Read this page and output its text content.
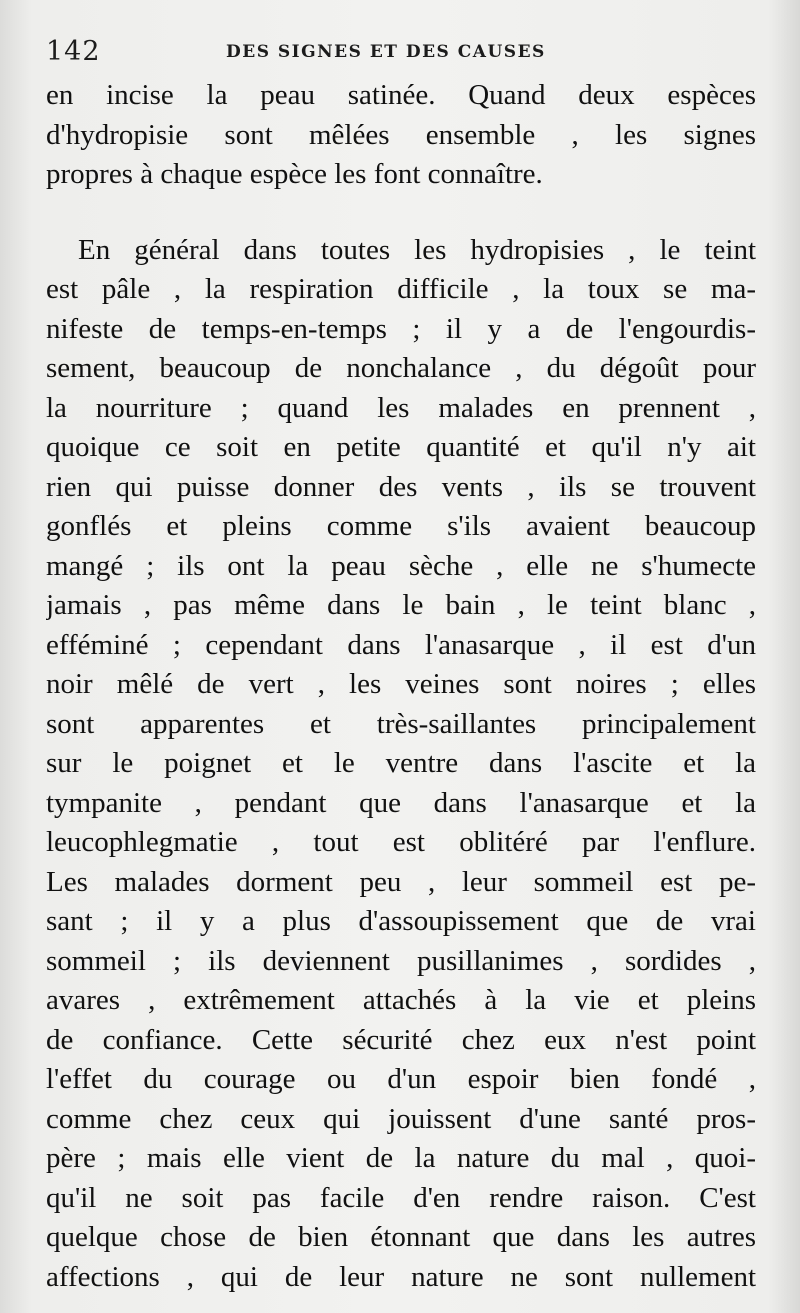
142	DES SIGNES ET DES CAUSES
en incise la peau satinée. Quand deux espèces
d'hydropisie sont mêlées ensemble , les signes
propres à chaque espèce les font connaître.
En général dans toutes les hydropisies , le teint
est pâle , la respiration difficile , la toux se ma-
nifeste de temps-en-temps ; il y a de l'engourdis-
sement, beaucoup de nonchalance , du dégoût pour
la nourriture ; quand les malades en prennent ,
quoique ce soit en petite quantité et qu'il n'y ait
rien qui puisse donner des vents , ils se trouvent
gonflés et pleins comme s'ils avaient beaucoup
mangé ; ils ont la peau sèche , elle ne s'humecte
jamais , pas même dans le bain , le teint blanc ,
efféminé ; cependant dans l'anasarque , il est d'un
noir mêlé de vert , les veines sont noires ; elles
sont apparentes et très-saillantes principalement
sur le poignet et le ventre dans l'ascite et la
tympanite , pendant que dans l'anasarque et la
leucophlegmatie , tout est oblitéré par l'enflure.
Les malades dorment peu , leur sommeil est pe-
sant ; il y a plus d'assoupissement que de vrai
sommeil ; ils deviennent pusillanimes , sordides ,
avares , extrêmement attachés à la vie et pleins
de confiance. Cette sécurité chez eux n'est point
l'effet du courage ou d'un espoir bien fondé ,
comme chez ceux qui jouissent d'une santé pros-
père ; mais elle vient de la nature du mal , quoi-
qu'il ne soit pas facile d'en rendre raison. C'est
quelque chose de bien étonnant que dans les autres
affections , qui de leur nature ne sont nullement
